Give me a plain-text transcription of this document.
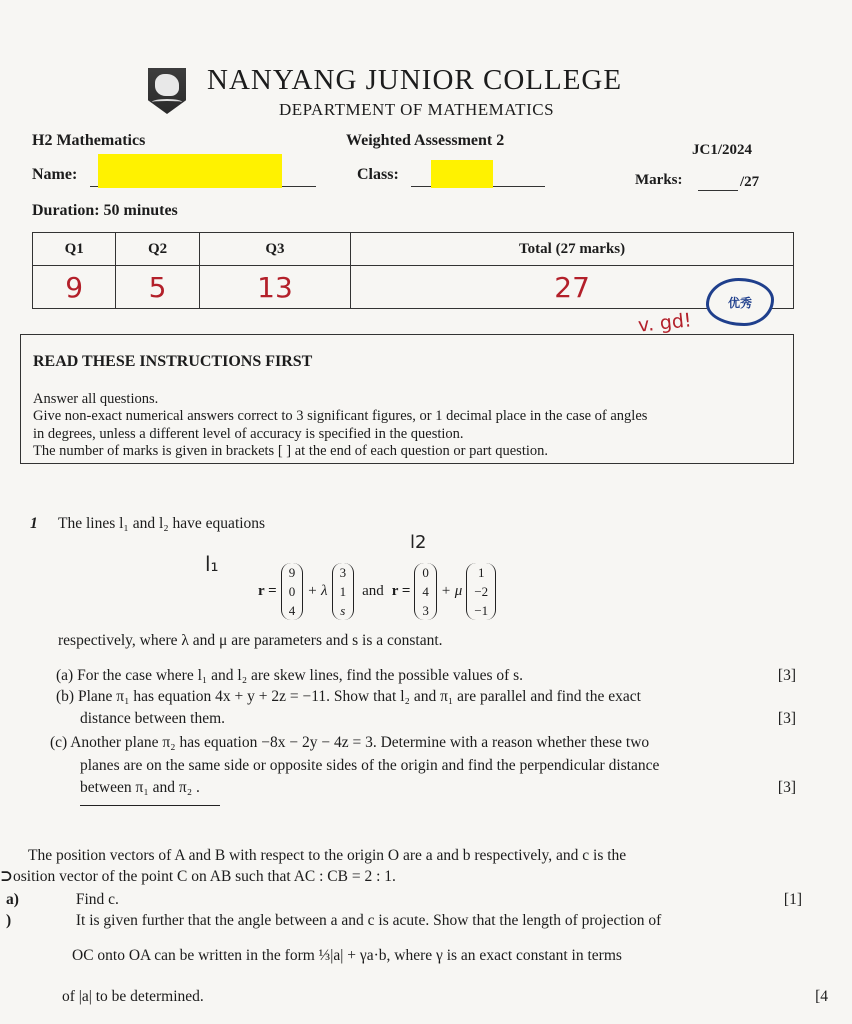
NANYANG JUNIOR COLLEGE
DEPARTMENT OF MATHEMATICS
H2 Mathematics	Weighted Assessment 2
JC1/2024
Name:	Class:	Marks:	/27
Duration: 50 minutes
Q1	Q2	Q3	Total (27 marks)
9	5	13	27	优秀
v. gd!
READ THESE INSTRUCTIONS FIRST

Answer all questions.

Give non-exact numerical answers correct to 3 significant figures, or 1 decimal place in the case of angles

in degrees, unless a different level of accuracy is specified in the question.

The number of marks is given in brackets [ ] at the end of each question or part question.

1 The lines l₁ and l₂ have equations
l₁
l2
r =
9
0
4
+ λ
3
1
s
and r =
0
4
3
+ μ
1
−2
−1
respectively, where λ and μ are parameters and s is a constant.
(a) For the case where l₁ and l₂ are skew lines, find the possible values of s.	[3]
(b) Plane π₁ has equation 4x + y + 2z = −11. Show that l₂ and π₁ are parallel and find the exact
distance between them.	[3]
(c) Another plane π₂ has equation −8x − 2y − 4z = 3. Determine with a reason whether these two
planes are on the same side or opposite sides of the origin and find the perpendicular distance
between π₁ and π₂ .	[3]
The position vectors of A and B with respect to the origin O are a and b respectively, and c is the
⊃osition vector of the point C on AB such that AC : CB = 2 : 1.
a)	Find c.	[1]
)	It is given further that the angle between a and c is acute. Show that the length of projection of
OC onto OA can be written in the form ⅓|a| + γa·b, where γ is an exact constant in terms
of |a| to be determined.	[4
